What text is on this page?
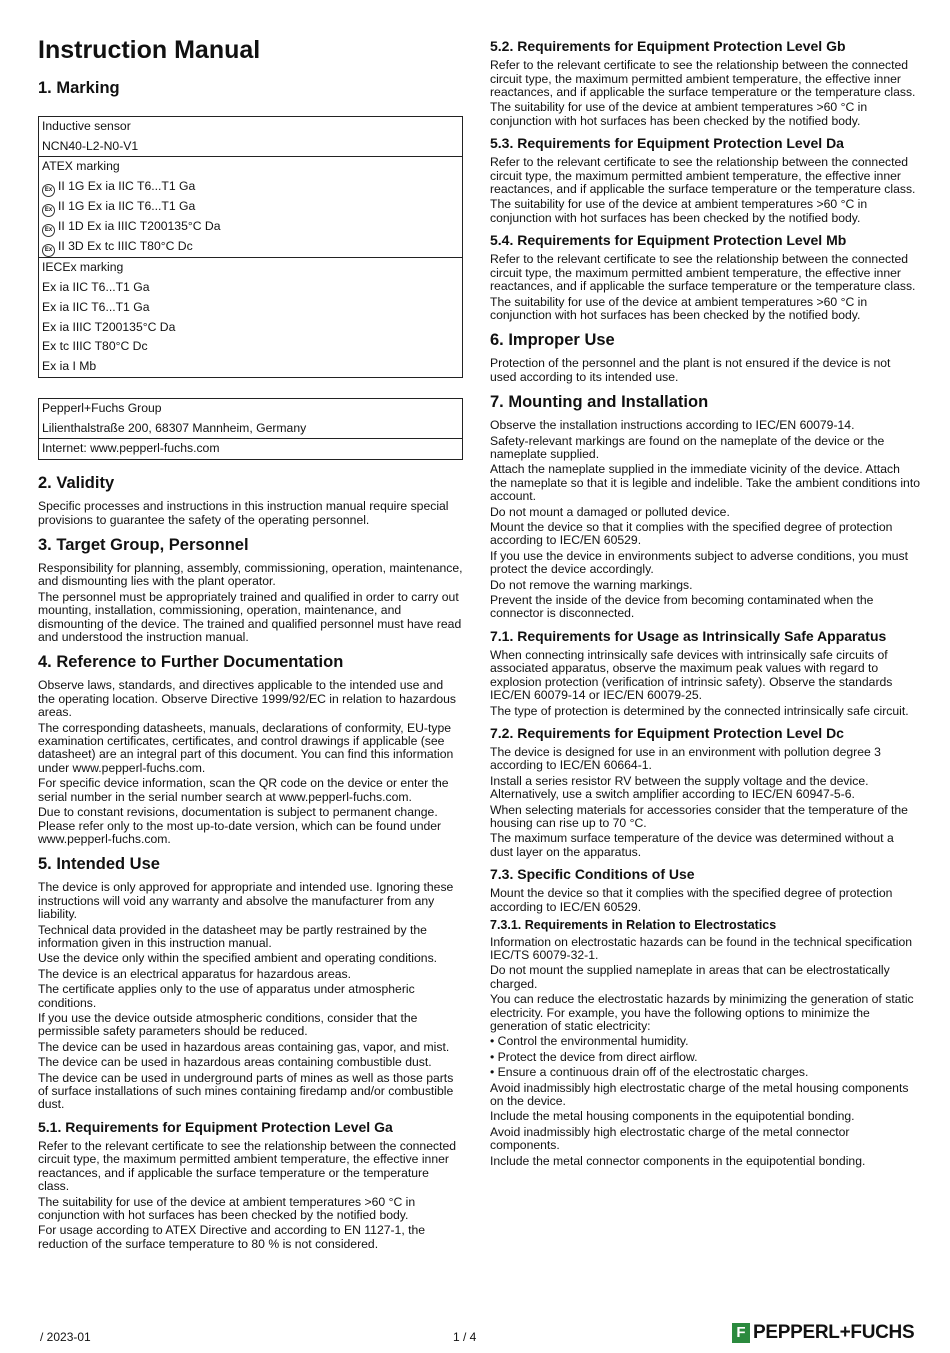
Instruction Manual
1. Marking
Inductive sensor
NCN40-L2-N0-V1
ATEX marking
Ex II 1G Ex ia IIC T6...T1 Ga
Ex II 1G Ex ia IIC T6...T1 Ga
Ex II 1D Ex ia IIIC T200135°C Da
Ex II 3D Ex tc IIIC T80°C Dc
IECEx marking
Ex ia IIC T6...T1 Ga
Ex ia IIC T6...T1 Ga
Ex ia IIIC T200135°C Da
Ex tc IIIC T80°C Dc
Ex ia I Mb
Pepperl+Fuchs Group
Lilienthalstraße 200, 68307 Mannheim, Germany
Internet: www.pepperl-fuchs.com
2. Validity

Specific processes and instructions in this instruction manual require special provisions to guarantee the safety of the operating personnel.

3. Target Group, Personnel

Responsibility for planning, assembly, commissioning, operation, maintenance, and dismounting lies with the plant operator.

The personnel must be appropriately trained and qualified in order to carry out mounting, installation, commissioning, operation, maintenance, and dismounting of the device. The trained and qualified personnel must have read and understood the instruction manual.

4. Reference to Further Documentation

Observe laws, standards, and directives applicable to the intended use and the operating location. Observe Directive 1999/92/EC in relation to hazardous areas.

The corresponding datasheets, manuals, declarations of conformity, EU-type examination certificates, certificates, and control drawings if applicable (see datasheet) are an integral part of this document. You can find this information under www.pepperl-fuchs.com.

For specific device information, scan the QR code on the device or enter the serial number in the serial number search at www.pepperl-fuchs.com.

Due to constant revisions, documentation is subject to permanent change. Please refer only to the most up-to-date version, which can be found under www.pepperl-fuchs.com.

5. Intended Use

The device is only approved for appropriate and intended use. Ignoring these instructions will void any warranty and absolve the manufacturer from any liability.

Technical data provided in the datasheet may be partly restrained by the information given in this instruction manual.

Use the device only within the specified ambient and operating conditions.

The device is an electrical apparatus for hazardous areas.

The certificate applies only to the use of apparatus under atmospheric conditions.

If you use the device outside atmospheric conditions, consider that the permissible safety parameters should be reduced.

The device can be used in hazardous areas containing gas, vapor, and mist.

The device can be used in hazardous areas containing combustible dust.

The device can be used in underground parts of mines as well as those parts of surface installations of such mines containing firedamp and/or combustible dust.

5.1. Requirements for Equipment Protection Level Ga

Refer to the relevant certificate to see the relationship between the connected circuit type, the maximum permitted ambient temperature, the effective inner reactances, and if applicable the surface temperature or the temperature class.

The suitability for use of the device at ambient temperatures >60 °C in conjunction with hot surfaces has been checked by the notified body.

For usage according to ATEX Directive and according to EN 1127-1, the reduction of the surface temperature to 80 % is not considered.

5.2. Requirements for Equipment Protection Level Gb

Refer to the relevant certificate to see the relationship between the connected circuit type, the maximum permitted ambient temperature, the effective inner reactances, and if applicable the surface temperature or the temperature class.

The suitability for use of the device at ambient temperatures >60 °C in conjunction with hot surfaces has been checked by the notified body.

5.3. Requirements for Equipment Protection Level Da

Refer to the relevant certificate to see the relationship between the connected circuit type, the maximum permitted ambient temperature, the effective inner reactances, and if applicable the surface temperature or the temperature class.

The suitability for use of the device at ambient temperatures >60 °C in conjunction with hot surfaces has been checked by the notified body.

5.4. Requirements for Equipment Protection Level Mb

Refer to the relevant certificate to see the relationship between the connected circuit type, the maximum permitted ambient temperature, the effective inner reactances, and if applicable the surface temperature or the temperature class.

The suitability for use of the device at ambient temperatures >60 °C in conjunction with hot surfaces has been checked by the notified body.

6. Improper Use

Protection of the personnel and the plant is not ensured if the device is not used according to its intended use.

7. Mounting and Installation

Observe the installation instructions according to IEC/EN 60079-14.

Safety-relevant markings are found on the nameplate of the device or the nameplate supplied.

Attach the nameplate supplied in the immediate vicinity of the device. Attach the nameplate so that it is legible and indelible. Take the ambient conditions into account.

Do not mount a damaged or polluted device.

Mount the device so that it complies with the specified degree of protection according to IEC/EN 60529.

If you use the device in environments subject to adverse conditions, you must protect the device accordingly.

Do not remove the warning markings.

Prevent the inside of the device from becoming contaminated when the connector is disconnected.

7.1. Requirements for Usage as Intrinsically Safe Apparatus

When connecting intrinsically safe devices with intrinsically safe circuits of associated apparatus, observe the maximum peak values with regard to explosion protection (verification of intrinsic safety). Observe the standards IEC/EN 60079-14 or IEC/EN 60079-25.

The type of protection is determined by the connected intrinsically safe circuit.

7.2. Requirements for Equipment Protection Level Dc

The device is designed for use in an environment with pollution degree 3 according to IEC/EN 60664-1.

Install a series resistor RV between the supply voltage and the device. Alternatively, use a switch amplifier according to IEC/EN 60947-5-6.

When selecting materials for accessories consider that the temperature of the housing can rise up to 70 °C.

The maximum surface temperature of the device was determined without a dust layer on the apparatus.

7.3. Specific Conditions of Use

Mount the device so that it complies with the specified degree of protection according to IEC/EN 60529.

7.3.1. Requirements in Relation to Electrostatics

Information on electrostatic hazards can be found in the technical specification IEC/TS 60079-32-1.

Do not mount the supplied nameplate in areas that can be electrostatically charged.

You can reduce the electrostatic hazards by minimizing the generation of static electricity. For example, you have the following options to minimize the generation of static electricity:

• Control the environmental humidity.

• Protect the device from direct airflow.

• Ensure a continuous drain off of the electrostatic charges.

Avoid inadmissibly high electrostatic charge of the metal housing components on the device.

Include the metal housing components in the equipotential bonding.

Avoid inadmissibly high electrostatic charge of the metal connector components.

Include the metal connector components in the equipotential bonding.

/ 2023-01	1 / 4	F PEPPERL+FUCHS
